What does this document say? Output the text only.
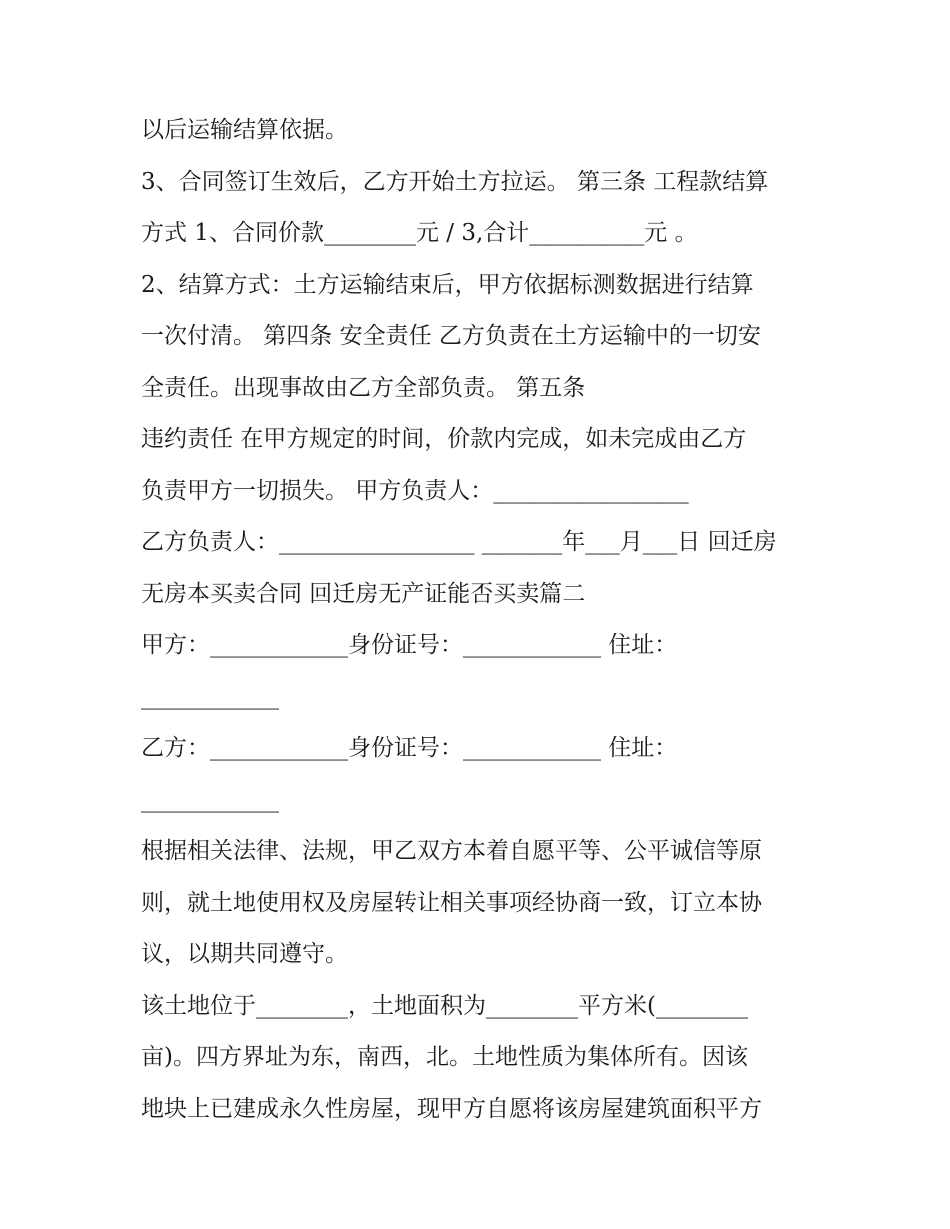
以后运输结算依据。
3、合同签订生效后，乙方开始土方拉运。 第三条 工程款结算
方式 1、合同价款________元 / 3,合计__________元 。
2、结算方式：土方运输结束后，甲方依据标测数据进行结算
一次付清。 第四条 安全责任 乙方负责在土方运输中的一切安
全责任。出现事故由乙方全部负责。 第五条
违约责任 在甲方规定的时间，价款内完成，如未完成由乙方
负责甲方一切损失。 甲方负责人：_________________
乙方负责人：_________________ _______年___月___日 回迁房
无房本买卖合同 回迁房无产证能否买卖篇二
甲方：____________身份证号：____________ 住址：
____________
乙方：____________身份证号：____________ 住址：
____________
根据相关法律、法规，甲乙双方本着自愿平等、公平诚信等原
则，就土地使用权及房屋转让相关事项经协商一致，订立本协
议，以期共同遵守。
该土地位于________，土地面积为________平方米(________
亩)。四方界址为东，南西，北。土地性质为集体所有。因该
地块上已建成永久性房屋，现甲方自愿将该房屋建筑面积平方
